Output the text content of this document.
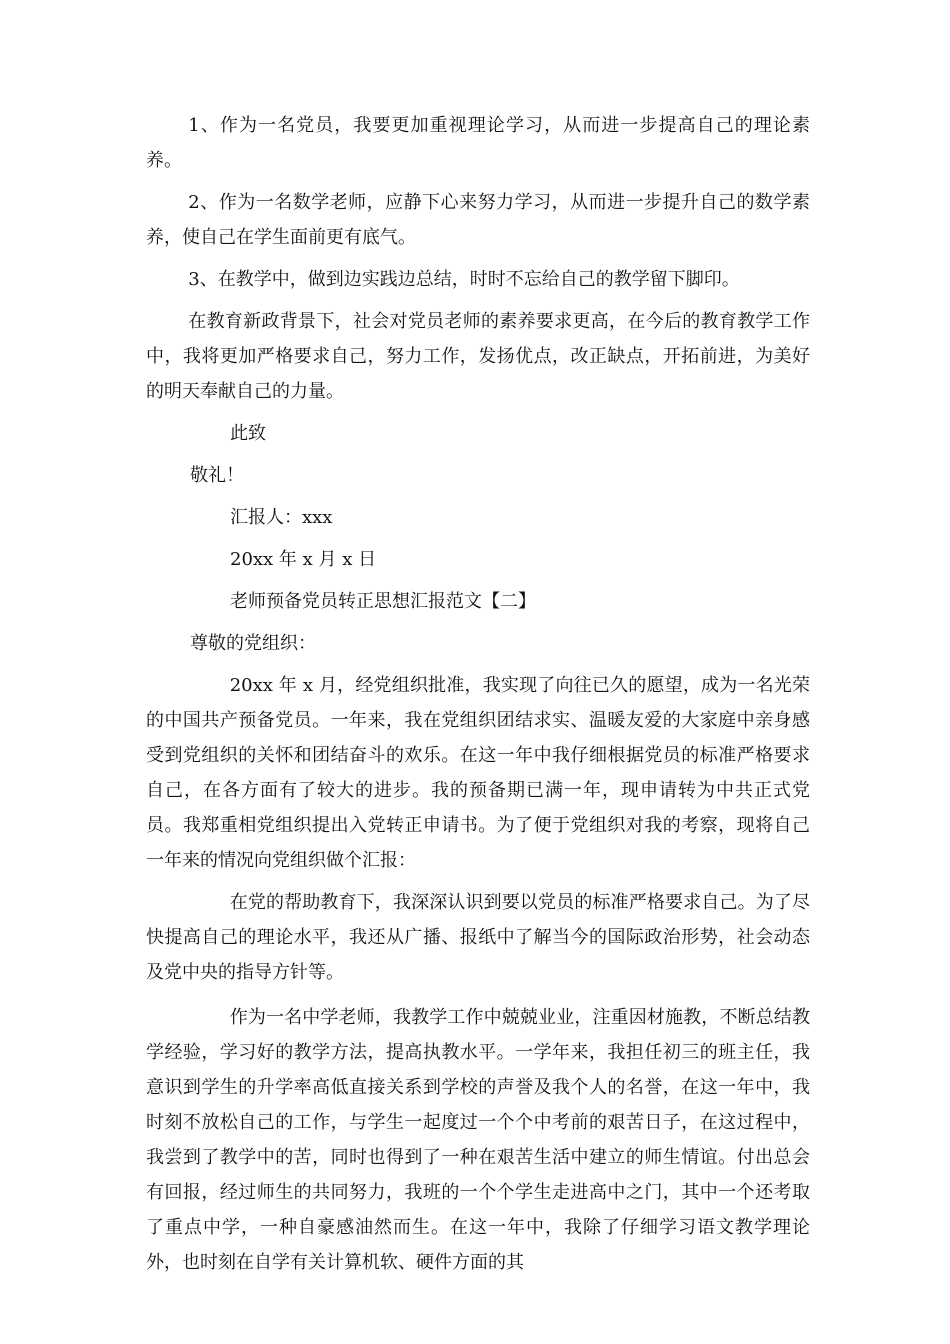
1、作为一名党员，我要更加重视理论学习，从而进一步提高自己的理论素养。

2、作为一名数学老师，应静下心来努力学习，从而进一步提升自己的数学素养，使自己在学生面前更有底气。

3、在教学中，做到边实践边总结，时时不忘给自己的教学留下脚印。

在教育新政背景下，社会对党员老师的素养要求更高，在今后的教育教学工作中，我将更加严格要求自己，努力工作，发扬优点，改正缺点，开拓前进，为美好的明天奉献自己的力量。

此致

敬礼！

汇报人：xxx

20xx 年 x 月 x 日

老师预备党员转正思想汇报范文【二】

尊敬的党组织：

20xx 年 x 月，经党组织批准，我实现了向往已久的愿望，成为一名光荣的中国共产预备党员。一年来，我在党组织团结求实、温暖友爱的大家庭中亲身感受到党组织的关怀和团结奋斗的欢乐。在这一年中我仔细根据党员的标准严格要求自己，在各方面有了较大的进步。我的预备期已满一年，现申请转为中共正式党员。我郑重相党组织提出入党转正申请书。为了便于党组织对我的考察，现将自己一年来的情况向党组织做个汇报：

在党的帮助教育下，我深深认识到要以党员的标准严格要求自己。为了尽快提高自己的理论水平，我还从广播、报纸中了解当今的国际政治形势，社会动态及党中央的指导方针等。

作为一名中学老师，我教学工作中兢兢业业，注重因材施教，不断总结教学经验，学习好的教学方法，提高执教水平。一学年来，我担任初三的班主任，我意识到学生的升学率高低直接关系到学校的声誉及我个人的名誉，在这一年中，我时刻不放松自己的工作，与学生一起度过一个个中考前的艰苦日子，在这过程中，我尝到了教学中的苦，同时也得到了一种在艰苦生活中建立的师生情谊。付出总会有回报，经过师生的共同努力，我班的一个个学生走进高中之门，其中一个还考取了重点中学，一种自豪感油然而生。在这一年中，我除了仔细学习语文教学理论外，也时刻在自学有关计算机软、硬件方面的其
